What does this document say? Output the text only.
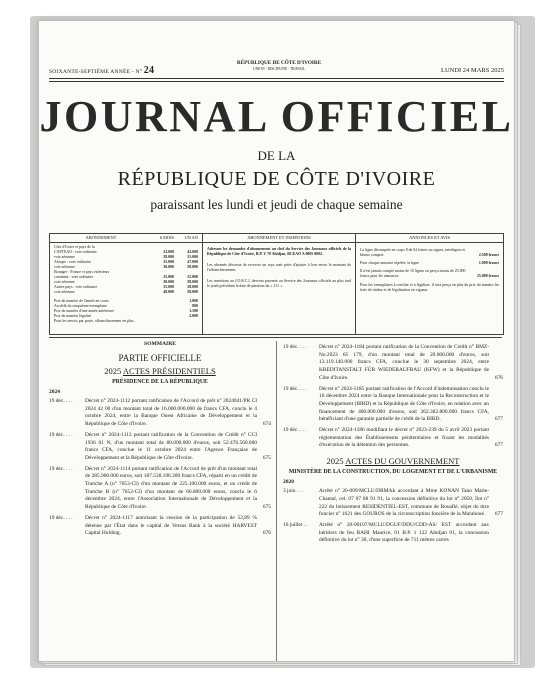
SOIXANTE-SEPTIÈME ANNÉE - N° 24
RÉPUBLIQUE DE CÔTE D'IVOIRE
UNION - DISCIPLINE - TRAVAIL	LUNDI 24 MARS 2025
JOURNAL OFFICIEL
DE LA
RÉPUBLIQUE DE CÔTE D'IVOIRE
paraissant les lundi et jeudi de chaque semaine
ABONNEMENT	6 MOIS	UN AN
Côte d'Ivoire et pays de la
CAPTEAO : voie ordinaire	22.000	42.000
voie aérienne	28.000	55.000
Afrique : voie ordinaire	25.000	47.000
voie aérienne	30.000	58.000
Étranger : France et pays extérieurs
continent : voie ordinaire	25.000	55.000
voie aérienne	30.000	58.000
Autres pays : voie ordinaire	35.000	58.000
voie aérienne	40.000	58.000
Prix du numéro de l'année en cours	1.000
Au-delà du cinquième exemplaire	800
Prix du numéro d'une année antérieure	1.500
Prix du numéro légalisé	2.000
Pour les envois par poste, affranchissement en plus.
ABONNEMENT ET INSERTIONS
Adresser les demandes d'abonnement au chef du Service des Journaux officiels de la République de Côte d'Ivoire, B.P. V 70 Abidjan, BCEAO A 0005 0002.
Les abonnés désireux de recevoir un reçu sont priés d'ajouter à leur envoi le montant de l'affranchissement.
Les insertions au J.O.R.C.I. devront parvenir au Service des Journaux officiels au plus tard le jeudi précédant la date de parution du « J.O. »
ANNONCES ET AVIS
La ligne décomptée en corps 8 de 62 lettres ou signes, interlignes et blancs compris	2.500 francs
Pour chaque annonce répétée, la ligne	1.000 francs
Il n'est jamais compté moins de 10 lignes ou perçu moins de 25.000 francs pour les annonces.	25.000 francs
Pour les exemplaires à certifier et à légaliser, il sera perçu en plus du prix du numéro les frais de timbre et de légalisation en vigueur.
SOMMAIRE
PARTIE OFFICIELLE
2025 ACTES PRÉSIDENTIELS
PRÉSIDENCE DE LA RÉPUBLIQUE
2024
19 déc. . . .	Décret n° 2024-1112 portant ratification de l'Accord de prêt n° 2024041/PR CI 2024 42 00 d'un montant total de 16.000.000.000 de francs CFA, conclu le 4 octobre 2024, entre la Banque Ouest Africaine de Développement et la République de Côte d'Ivoire.	674
19 déc. . . .	Décret n° 2024-1113 portant ratification de la Convention de Crédit n° CCI 1936 01 N, d'un montant total de 80.000.000 d'euros, soit 52.476.560.000 francs CFA, conclue le 11 octobre 2024 entre l'Agence Française de Développement et la République de Côte d'Ivoire.	675
19 déc. . . .	Décret n° 2024-1114 portant ratification de l'Accord de prêt d'un montant total de 285.900.000 euros, soit 187.538.106.300 francs CFA, réparti en un crédit de Tranche A (n° 7653-CI) d'un montant de 225.100.000 euros, et un crédit de Tranche B (n° 7652-CI) d'un montant de 60.800.000 euros, conclu le 6 décembre 2024, entre l'Association Internationale de Développement et la République de Côte d'Ivoire.	675
19 déc. . . .	Décret n° 2024-1117 autorisant la cession de la participation de 52,89 % détenue par l'État dans le capital de Versus Bank à la société HARVEST Capital Holding.	676
19 déc. . . .	Décret n° 2024-1184 portant ratification de la Convention de Crédit n° BMZ-No.2023 65 179, d'un montant total de 20.000.000 d'euros, soit 13.119.140.000 francs CFA, conclue le 30 septembre 2024, entre KREDITANSTALT FÜR WIEDERAUFBAU (KFW) et la République de Côte d'Ivoire.	676
19 déc. . . .	Décret n° 2024-1185 portant ratification de l'Accord d'indemnisation conclu le 16 décembre 2024 entre la Banque Internationale pour la Reconstruction et le Développement (BIRD) et la République de Côte d'Ivoire, en relation avec un financement de 400.000.000 d'euros, soit 262.382.800.000 francs CFA, bénéficiant d'une garantie partielle de crédit de la BIRD.	677
19 déc. . . .	Décret n° 2024-1186 modifiant le décret n° 2023-239 du 5 avril 2023 portant réglementation des Établissements pénitentiaires et fixant les modalités d'exécution de la détention des personnes.	677
2025 ACTES DU GOUVERNEMENT
MINISTÈRE DE LA CONSTRUCTION, DU LOGEMENT ET DE L'URBANISME
2020
3 juin . . .	Arrêté n° 20-009/MCLU/DRM/kk accordant à Mme KONAN Tano Marie-Chantal, cel. 07 07 88 91 91, la concession définitive du lot n° 2050, îlot n° 222 du lotissement RESIDENTIEL-EST, commune de Bouaflé, objet du titre foncier n° 1621 des GOUROS de la circonscription foncière de la Marahoué.	677
16 juillet . .	Arrêté n° 20-00107/MCLU/DGUF/DDU/CDD-AS/ EST accordant aux héritiers de feu BAHI Maurice, 01 B.P. 1 122 Abidjan 01, la concession définitive du lot n° 30, d'une superficie de 711 mètres carrés
